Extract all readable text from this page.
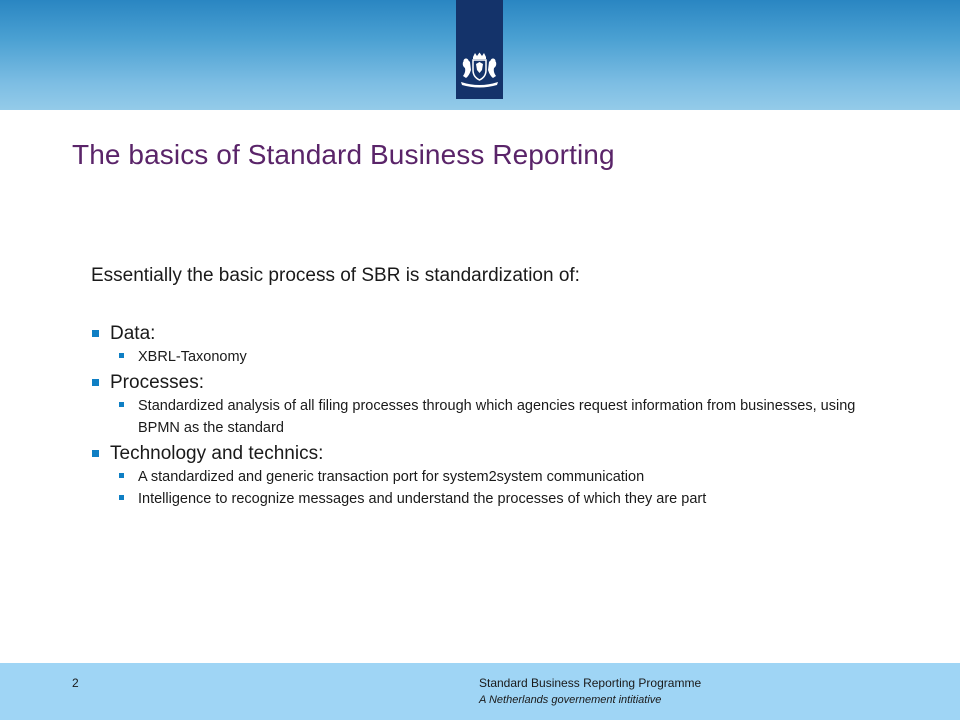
The basics of Standard Business Reporting
Essentially the basic process of SBR is standardization of:
Data:
XBRL-Taxonomy
Processes:
Standardized analysis of all filing processes through which agencies request information from businesses, using BPMN as the standard
Technology and technics:
A standardized and generic transaction port for system2system communication
Intelligence to recognize messages and understand the processes of which they are part
2	Standard Business Reporting Programme
A Netherlands governement intitiative
